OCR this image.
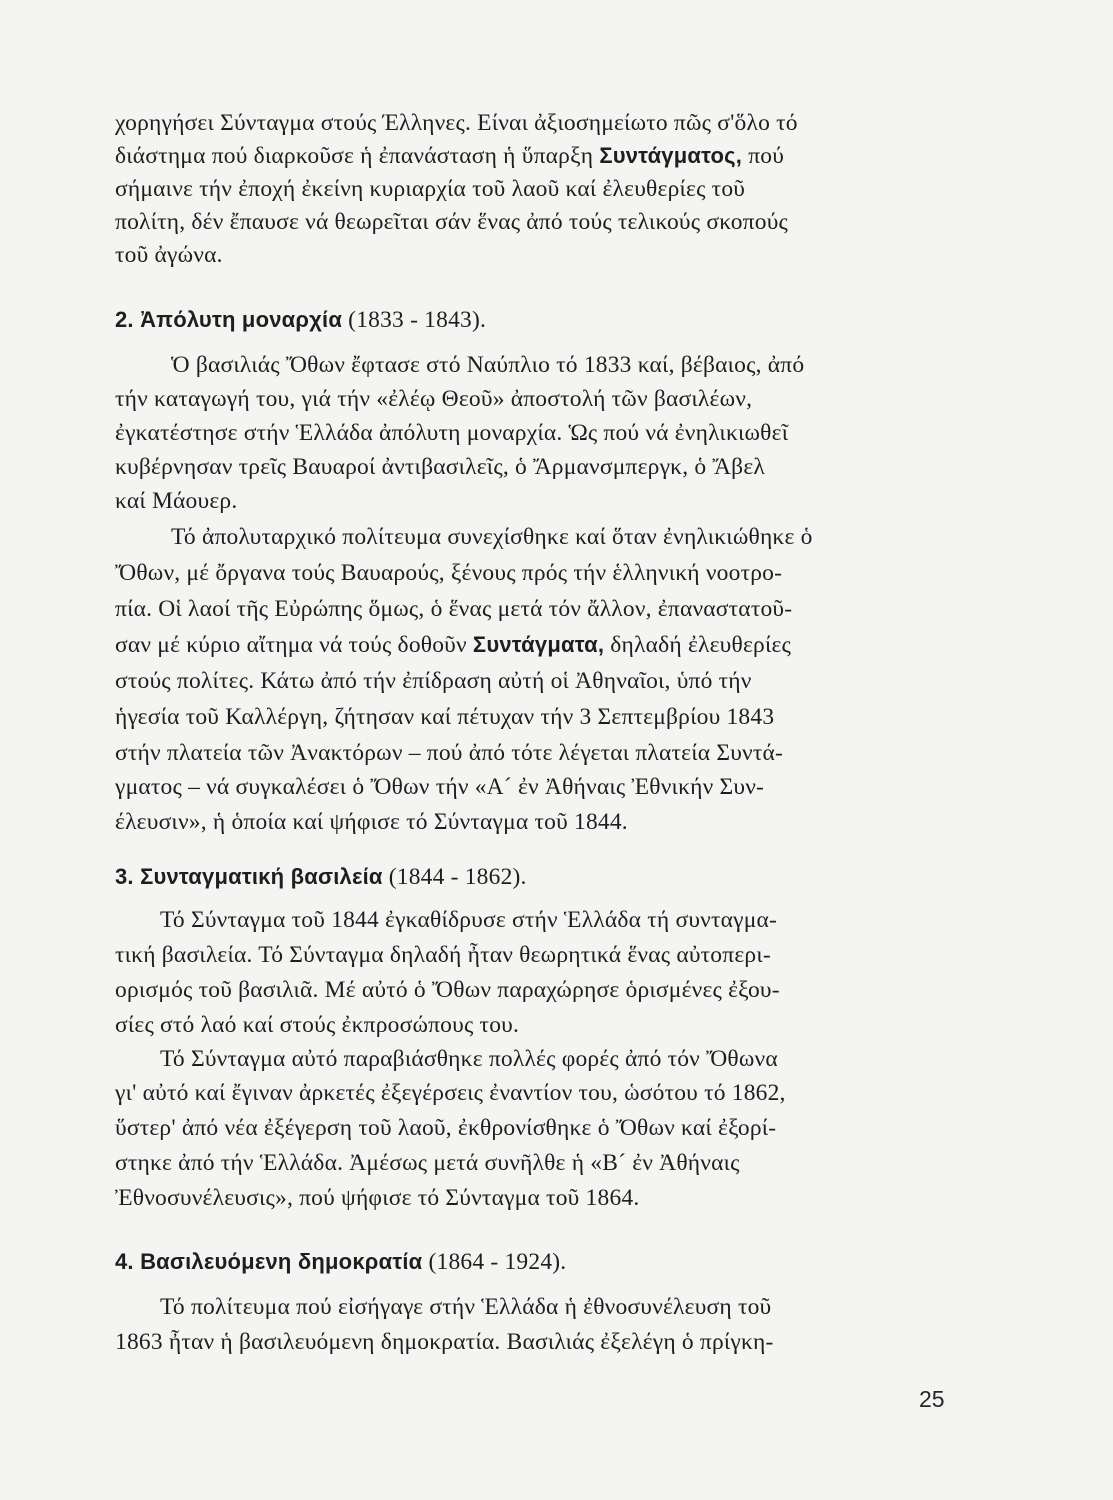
χορηγήσει Σύνταγμα στούς Έλληνες. Είναι ἀξιοσημείωτο πῶς σ'ὅλο τό
διάστημα πού διαρκοῦσε ἡ ἐπανάσταση ἡ ὕπαρξη Συντάγματος, πού
σήμαινε τήν ἐποχή ἐκείνη κυριαρχία τοῦ λαοῦ καί ἐλευθερίες τοῦ
πολίτη, δέν ἔπαυσε νά θεωρεῖται σάν ἕνας ἀπό τούς τελικούς σκοπούς
τοῦ ἀγώνα.
2. Ἀπόλυτη μοναρχία (1833 - 1843).
Ὁ βασιλιάς Ὄθων ἔφτασε στό Ναύπλιο τό 1833 καί, βέβαιος, ἀπό
τήν καταγωγή του, γιά τήν «ἐλέῳ Θεοῦ» ἀποστολή τῶν βασιλέων,
ἐγκατέστησε στήν Ἑλλάδα ἀπόλυτη μοναρχία. Ὡς πού νά ἐνηλικιωθεῖ
κυβέρνησαν τρεῖς Βαυαροί ἀντιβασιλεῖς, ὁ Ἄρμανσμπεργκ, ὁ Ἄβελ
καί Μάουερ.
Τό ἀπολυταρχικό πολίτευμα συνεχίσθηκε καί ὅταν ἐνηλικιώθηκε ὁ
Ὄθων, μέ ὄργανα τούς Βαυαρούς, ξένους πρός τήν ἑλληνική νοοτρο-
πία. Οἱ λαοί τῆς Εὐρώπης ὅμως, ὁ ἕνας μετά τόν ἄλλον, ἐπαναστατοῦ-
σαν μέ κύριο αἴτημα νά τούς δοθοῦν Συντάγματα, δηλαδή ἐλευθερίες
στούς πολίτες. Κάτω ἀπό τήν ἐπίδραση αὐτή οἱ Ἀθηναῖοι, ὑπό τήν
ἡγεσία τοῦ Καλλέργη, ζήτησαν καί πέτυχαν τήν 3 Σεπτεμβρίου 1843
στήν πλατεία τῶν Ἀνακτόρων – πού ἀπό τότε λέγεται πλατεία Συντά-
γματος – νά συγκαλέσει ὁ Ὄθων τήν «Α´ ἐν Ἀθήναις Ἐθνικήν Συν-
έλευσιν», ἡ ὁποία καί ψήφισε τό Σύνταγμα τοῦ 1844.
3. Συνταγματική βασιλεία (1844 - 1862).
Τό Σύνταγμα τοῦ 1844 ἐγκαθίδρυσε στήν Ἑλλάδα τή συνταγμα-
τική βασιλεία. Τό Σύνταγμα δηλαδή ἦταν θεωρητικά ἕνας αὐτοπερι-
ορισμός τοῦ βασιλιᾶ. Μέ αὐτό ὁ Ὄθων παραχώρησε ὁρισμένες ἐξου-
σίες στό λαό καί στούς ἐκπροσώπους του.
Τό Σύνταγμα αὐτό παραβιάσθηκε πολλές φορές ἀπό τόν Ὄθωνα
γι' αὐτό καί ἔγιναν ἀρκετές ἐξεγέρσεις ἐναντίον του, ὡσότου τό 1862,
ὕστερ' ἀπό νέα ἐξέγερση τοῦ λαοῦ, ἐκθρονίσθηκε ὁ Ὄθων καί ἐξορί-
στηκε ἀπό τήν Ἑλλάδα. Ἀμέσως μετά συνῆλθε ἡ «Β´ ἐν Ἀθήναις
Ἐθνοσυνέλευσις», πού ψήφισε τό Σύνταγμα τοῦ 1864.
4. Βασιλευόμενη δημοκρατία (1864 - 1924).
Τό πολίτευμα πού εἰσήγαγε στήν Ἑλλάδα ἡ ἐθνοσυνέλευση τοῦ
1863 ἦταν ἡ βασιλευόμενη δημοκρατία. Βασιλιάς ἐξελέγη ὁ πρίγκη-
25
